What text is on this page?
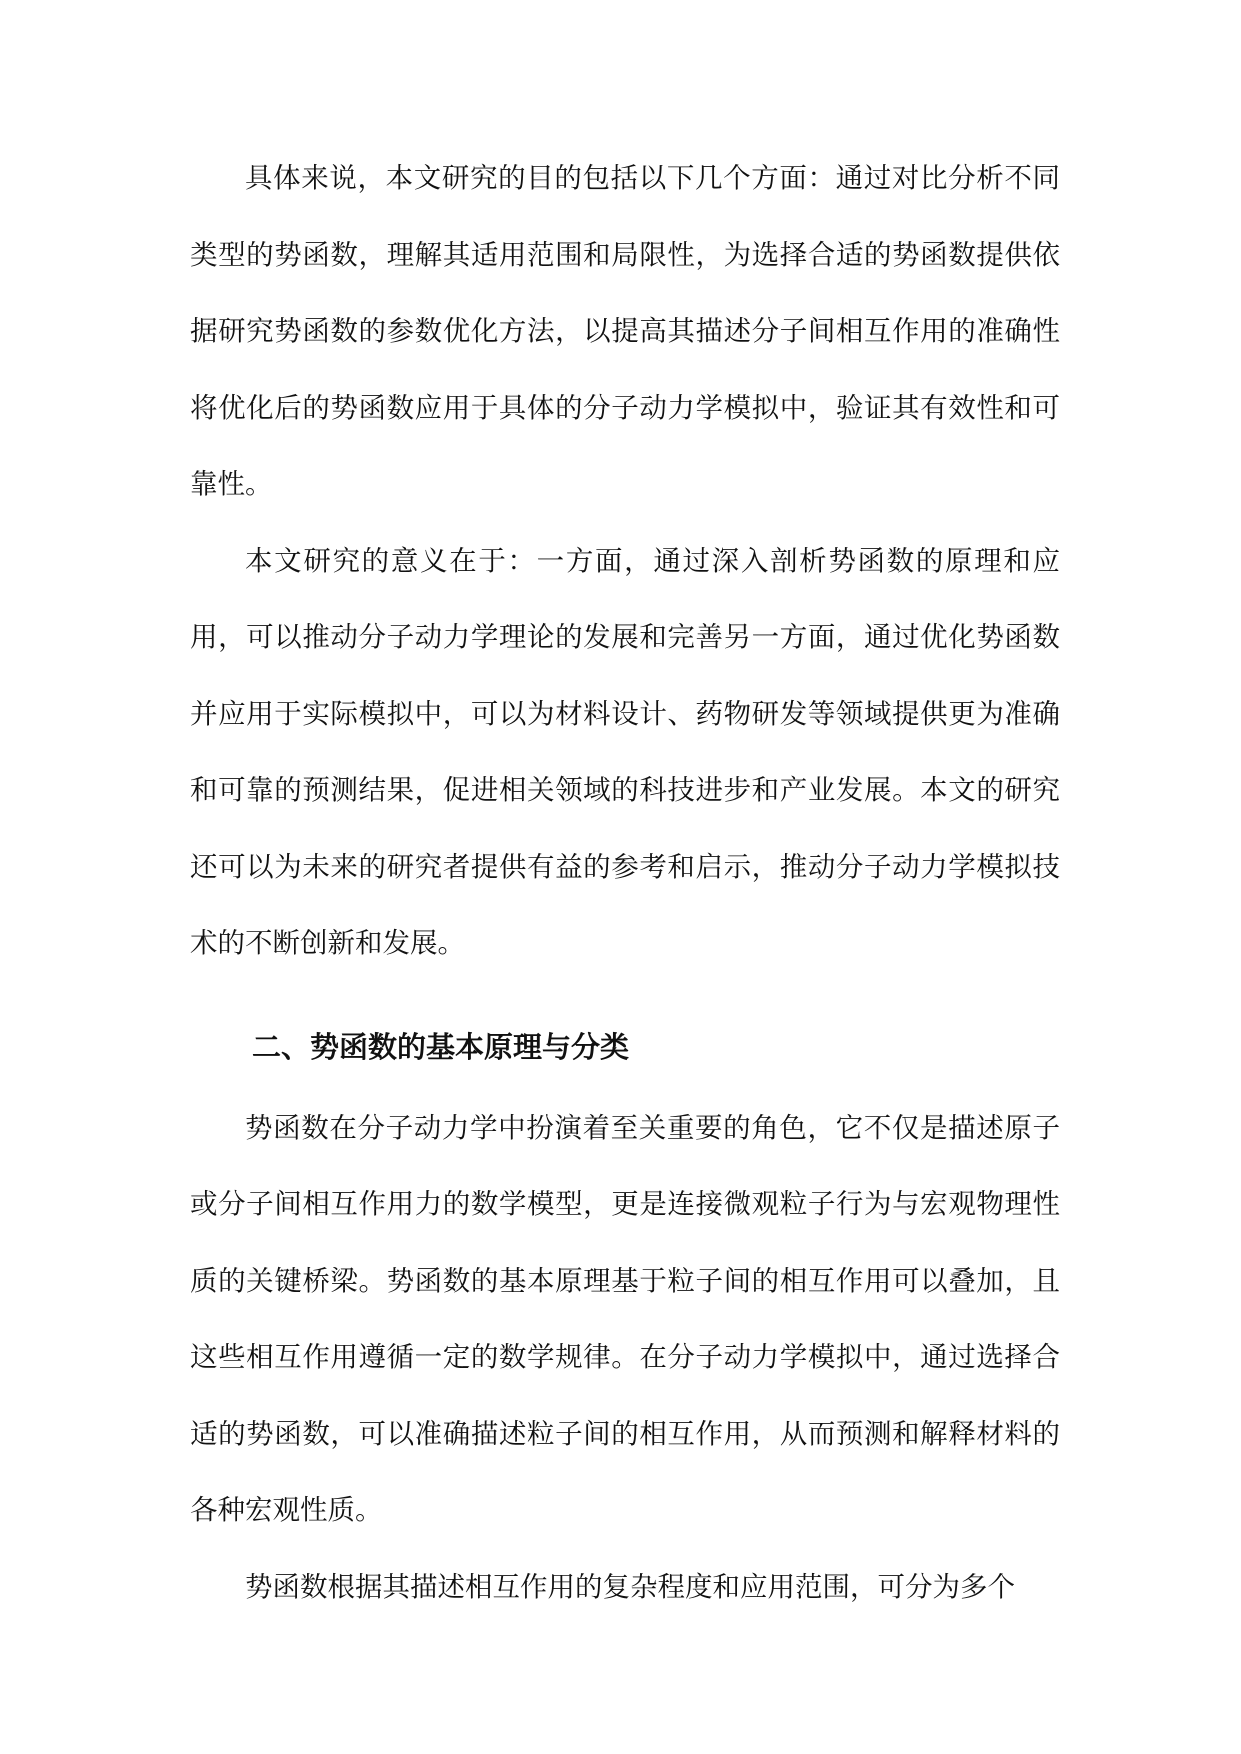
具体来说，本文研究的目的包括以下几个方面：通过对比分析不同类型的势函数，理解其适用范围和局限性，为选择合适的势函数提供依据研究势函数的参数优化方法，以提高其描述分子间相互作用的准确性将优化后的势函数应用于具体的分子动力学模拟中，验证其有效性和可靠性。

本文研究的意义在于：一方面，通过深入剖析势函数的原理和应用，可以推动分子动力学理论的发展和完善另一方面，通过优化势函数并应用于实际模拟中，可以为材料设计、药物研发等领域提供更为准确和可靠的预测结果，促进相关领域的科技进步和产业发展。本文的研究还可以为未来的研究者提供有益的参考和启示，推动分子动力学模拟技术的不断创新和发展。

二、势函数的基本原理与分类

势函数在分子动力学中扮演着至关重要的角色，它不仅是描述原子或分子间相互作用力的数学模型，更是连接微观粒子行为与宏观物理性质的关键桥梁。势函数的基本原理基于粒子间的相互作用可以叠加，且这些相互作用遵循一定的数学规律。在分子动力学模拟中，通过选择合适的势函数，可以准确描述粒子间的相互作用，从而预测和解释材料的各种宏观性质。

势函数根据其描述相互作用的复杂程度和应用范围，可分为多个
